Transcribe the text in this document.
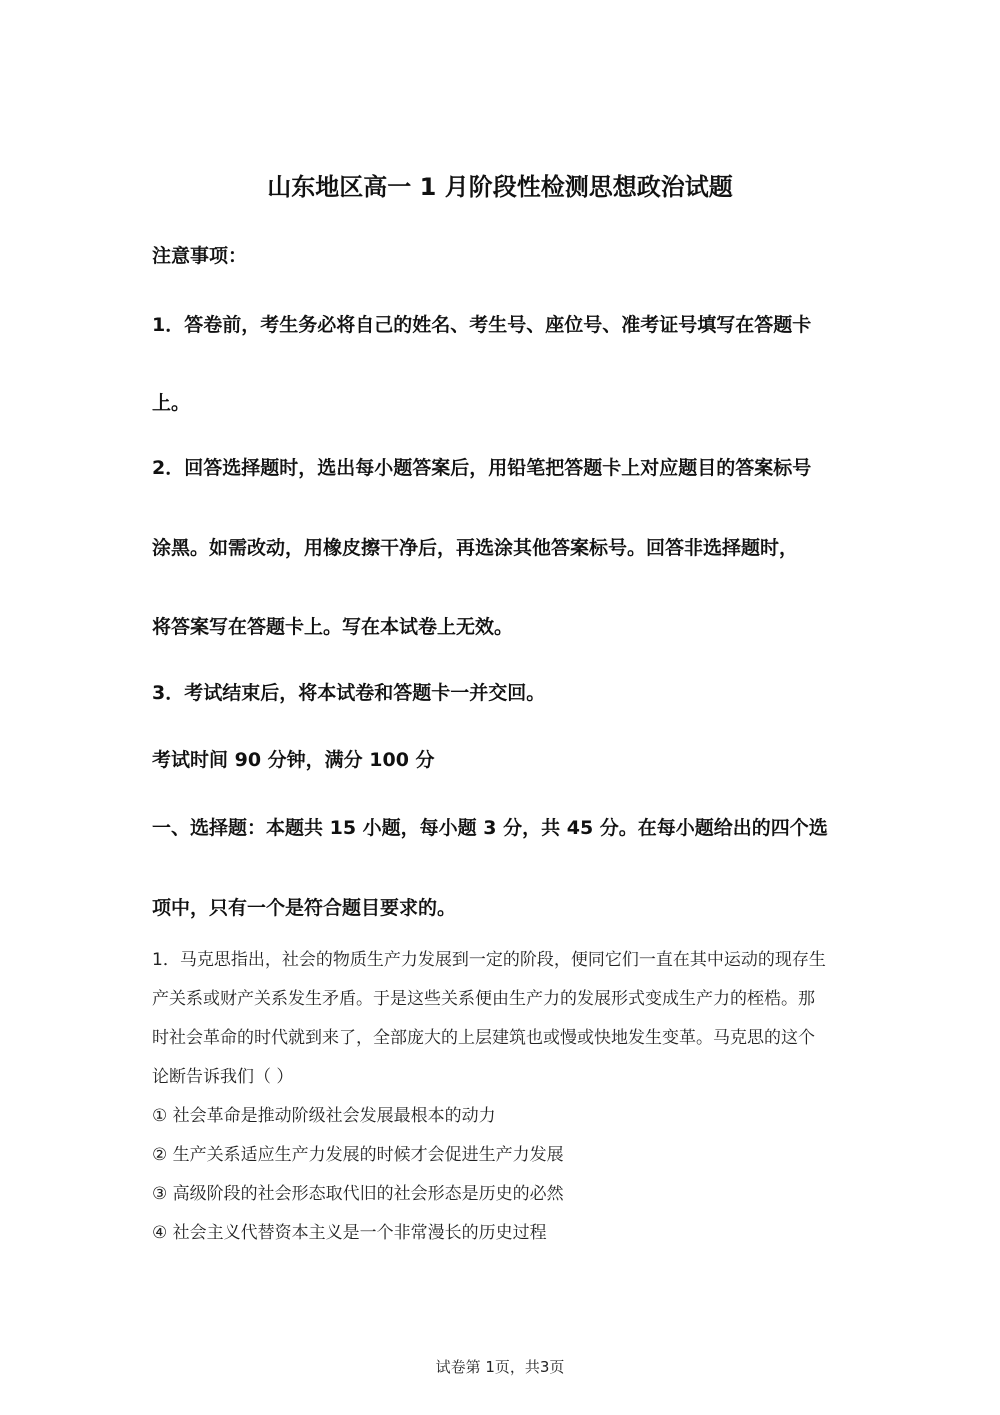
山东地区高一 1 月阶段性检测思想政治试题
注意事项：
1．答卷前，考生务必将自己的姓名、考生号、座位号、准考证号填写在答题卡
上。
2．回答选择题时，选出每小题答案后，用铅笔把答题卡上对应题目的答案标号
涂黑。如需改动，用橡皮擦干净后，再选涂其他答案标号。回答非选择题时，
将答案写在答题卡上。写在本试卷上无效。
3．考试结束后，将本试卷和答题卡一并交回。
考试时间 90 分钟，满分 100 分
一、选择题：本题共 15 小题，每小题 3 分，共 45 分。在每小题给出的四个选
项中，只有一个是符合题目要求的。
1．马克思指出，社会的物质生产力发展到一定的阶段，便同它们一直在其中运动的现存生
产关系或财产关系发生矛盾。于是这些关系便由生产力的发展形式变成生产力的桎梏。那
时社会革命的时代就到来了，全部庞大的上层建筑也或慢或快地发生变革。马克思的这个
论断告诉我们（ ）
① 社会革命是推动阶级社会发展最根本的动力
② 生产关系适应生产力发展的时候才会促进生产力发展
③ 高级阶段的社会形态取代旧的社会形态是历史的必然
④ 社会主义代替资本主义是一个非常漫长的历史过程
试卷第 1页，共3页
